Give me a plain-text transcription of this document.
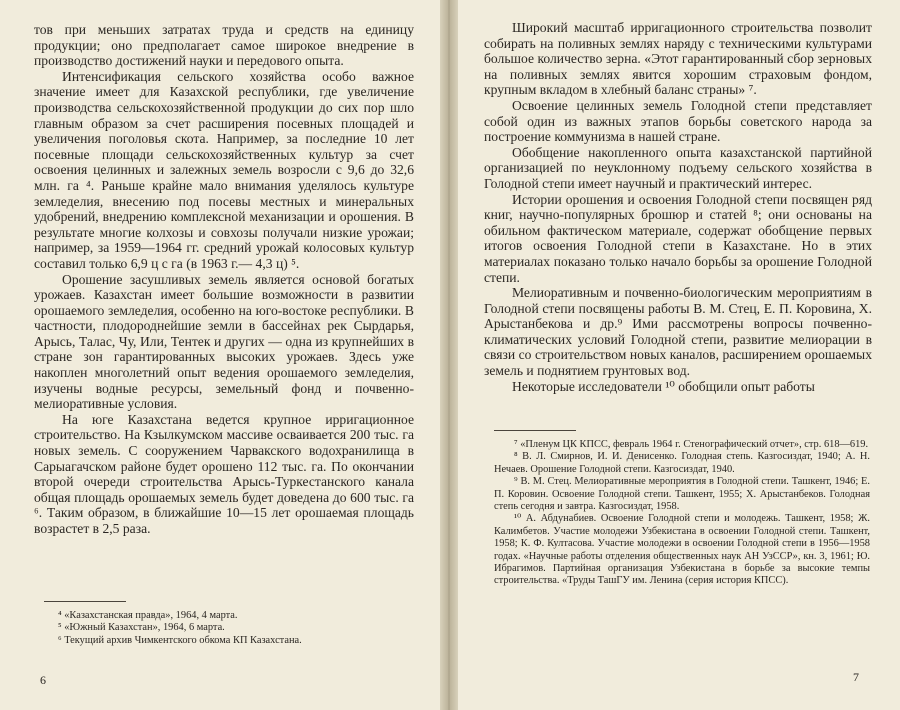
тов при меньших затратах труда и средств на единицу продукции; оно предполагает самое широкое внедрение в производство достижений науки и передового опыта.

Интенсификация сельского хозяйства особо важное значение имеет для Казахской республики, где увеличение производства сельскохозяйственной продукции до сих пор шло главным образом за счет расширения посевных площадей и увеличения поголовья скота. Например, за последние 10 лет посевные площади сельскохозяйственных культур за счет освоения целинных и залежных земель возросли с 9,6 до 32,6 млн. га ⁴. Раньше крайне мало внимания уделялось культуре земледелия, внесению под посевы местных и минеральных удобрений, внедрению комплексной механизации и орошения. В результате многие колхозы и совхозы получали низкие урожаи; например, за 1959—1964 гг. средний урожай колосовых культур составил только 6,9 ц с га (в 1963 г.— 4,3 ц) ⁵.

Орошение засушливых земель является основой богатых урожаев. Казахстан имеет большие возможности в развитии орошаемого земледелия, особенно на юго-востоке республики. В частности, плодороднейшие земли в бассейнах рек Сырдарья, Арысь, Талас, Чу, Или, Тентек и других — одна из крупнейших в стране зон гарантированных высоких урожаев. Здесь уже накоплен многолетний опыт ведения орошаемого земледелия, изучены водные ресурсы, земельный фонд и почвенно-мелиоративные условия.

На юге Казахстана ведется крупное ирригационное строительство. На Кзылкумском массиве осваивается 200 тыс. га новых земель. С сооружением Чарвакского водохранилища в Сарыагачском районе будет орошено 112 тыс. га. По окончании второй очереди строительства Арысь-Туркестанского канала общая площадь орошаемых земель будет доведена до 600 тыс. га ⁶. Таким образом, в ближайшие 10—15 лет орошаемая площадь возрастет в 2,5 раза.

⁴ «Казахстанская правда», 1964, 4 марта.

⁵ «Южный Казахстан», 1964, 6 марта.

⁶ Текущий архив Чимкентского обкома КП Казахстана.

6

Широкий масштаб ирригационного строительства позволит собирать на поливных землях наряду с техническими культурами большое количество зерна. «Этот гарантированный сбор зерновых на поливных землях явится хорошим страховым фондом, крупным вкладом в хлебный баланс страны» ⁷.

Освоение целинных земель Голодной степи представляет собой один из важных этапов борьбы советского народа за построение коммунизма в нашей стране.

Обобщение накопленного опыта казахстанской партийной организацией по неуклонному подъему сельского хозяйства в Голодной степи имеет научный и практический интерес.

Истории орошения и освоения Голодной степи посвящен ряд книг, научно-популярных брошюр и статей ⁸; они основаны на обильном фактическом материале, содержат обобщение первых итогов освоения Голодной степи в Казахстане. Но в этих материалах показано только начало борьбы за орошение Голодной степи.

Мелиоративным и почвенно-биологическим мероприятиям в Голодной степи посвящены работы В. М. Стец, Е. П. Коровина, Х. Арыстанбекова и др.⁹ Ими рассмотрены вопросы почвенно-климатических условий Голодной степи, развитие мелиорации в связи со строительством новых каналов, расширением орошаемых земель и поднятием грунтовых вод.

Некоторые исследователи ¹⁰ обобщили опыт работы

⁷ «Пленум ЦК КПСС, февраль 1964 г. Стенографический отчет», стр. 618—619.

⁸ В. Л. Смирнов, И. И. Денисенко. Голодная степь. Казгосиздат, 1940; А. Н. Нечаев. Орошение Голодной степи. Казгосиздат, 1940.

⁹ В. М. Стец. Мелиоративные мероприятия в Голодной степи. Ташкент, 1946; Е. П. Коровин. Освоение Голодной степи. Ташкент, 1955; Х. Арыстанбеков. Голодная степь сегодня и завтра. Казгосиздат, 1958.

¹⁰ А. Абдунабиев. Освоение Голодной степи и молодежь. Ташкент, 1958; Ж. Калимбетов. Участие молодежи Узбекистана в освоении Голодной степи. Ташкент, 1958; К. Ф. Култасова. Участие молодежи в освоении Голодной степи в 1956—1958 годах. «Научные работы отделения общественных наук АН УзССР», кн. 3, 1961; Ю. Ибрагимов. Партийная организация Узбекистана в борьбе за высокие темпы строительства. «Труды ТашГУ им. Ленина (серия история КПСС).

7
